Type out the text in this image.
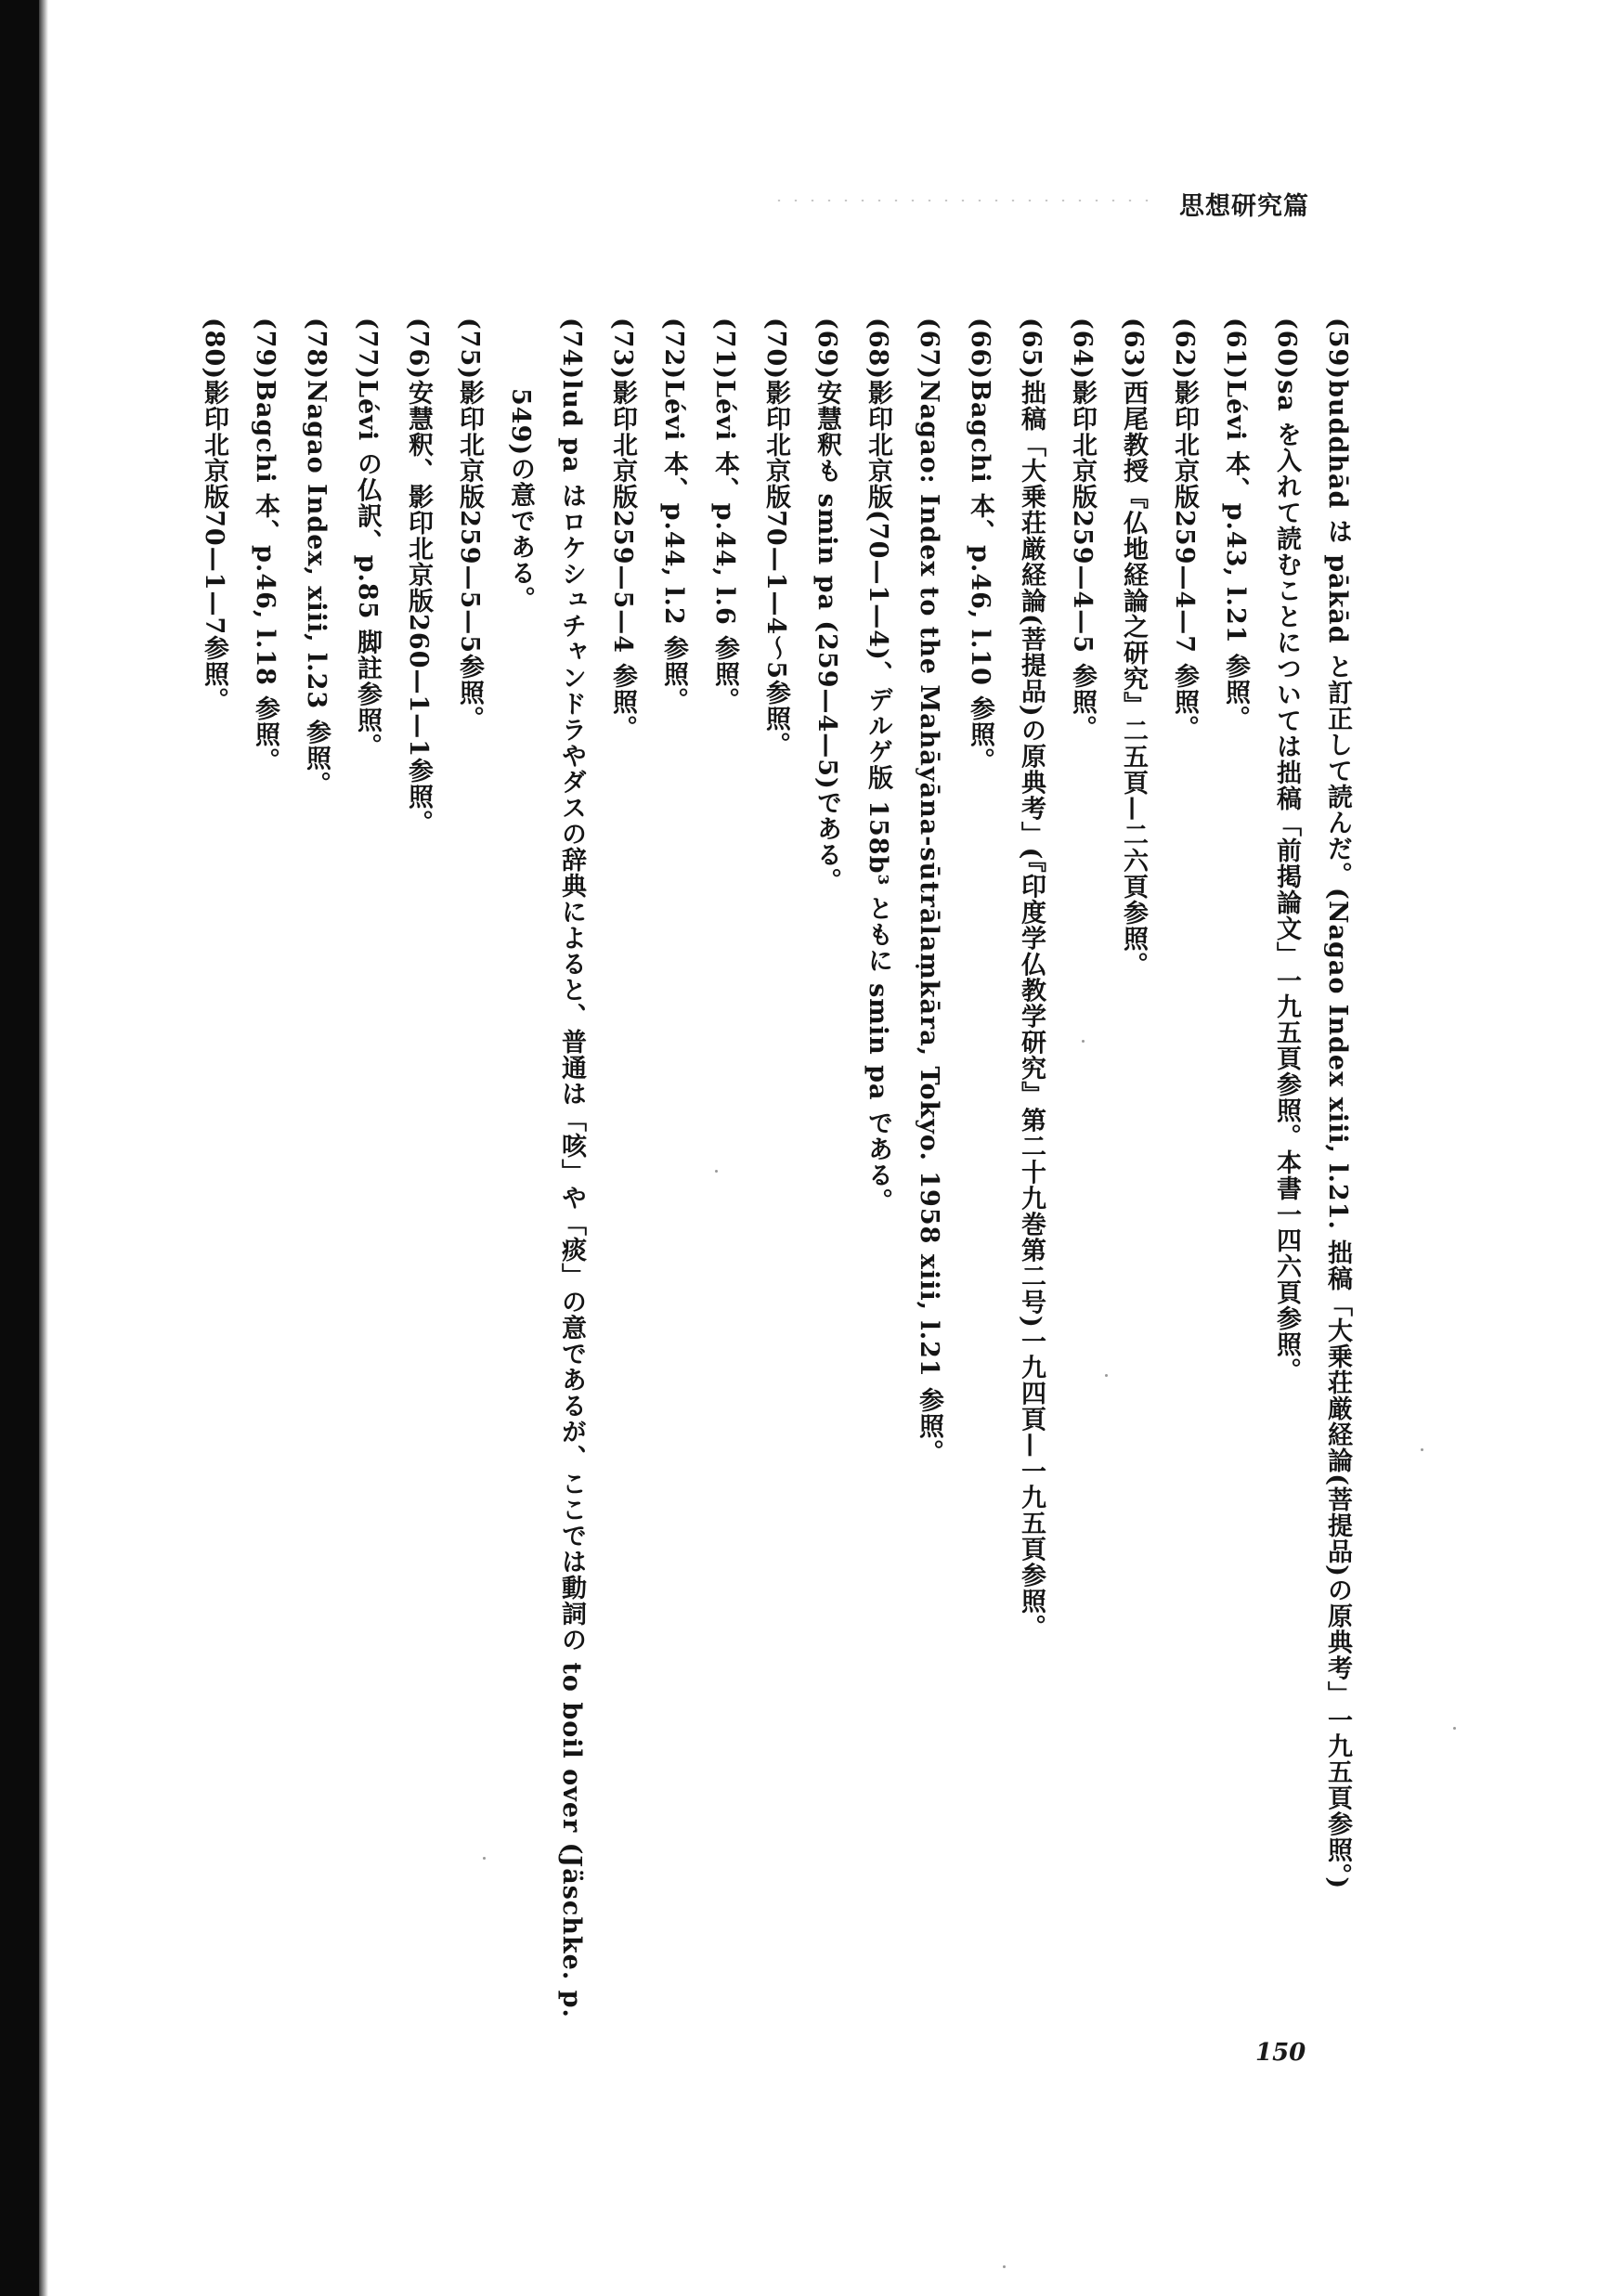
思想研究篇

(59)buddhād は pākād と訂正して読んだ。(Nagao Index xiii, l.21. 拙稿「大乗荘厳経論(菩提品)の原典考」一九五頁参照。)

(60)sa を入れて読むことについては拙稿「前掲論文」一九五頁参照。本書一四六頁参照。

(61)Lévi 本、p.43, l.21 参照。

(62)影印北京版259—4—7 参照。

(63)西尾教授『仏地経論之研究』二五頁—二六頁参照。

(64)影印北京版259—4—5 参照。

(65)拙稿「大乗荘厳経論(菩提品)の原典考」(『印度学仏教学研究』第二十九巻第二号)一九四頁—一九五頁参照。

(66)Bagchi 本、p.46, l.10 参照。

(67)Nagao: Index to the Mahāyāna-sūtrālaṃkāra, Tokyo. 1958 xiii, l.21 参照。

(68)影印北京版(70—1—4)、デルゲ版 158b³ ともに smin pa である。

(69)安慧釈も smin pa (259—4—5)である。

(70)影印北京版70—1—4～5参照。

(71)Lévi 本、p.44, l.6 参照。

(72)Lévi 本、p.44, l.2 参照。

(73)影印北京版259—5—4 参照。

(74)lud pa はロケシュチャンドラやダスの辞典によると、普通は「咳」や「痰」の意であるが、ここでは動詞の to boil over (Jäschke. p.

549)の意である。

(75)影印北京版259—5—5参照。

(76)安慧釈、影印北京版260—1—1参照。

(77)Lévi の仏訳、p.85 脚註参照。

(78)Nagao Index, xiii, l.23 参照。

(79)Bagchi 本、p.46, l.18 参照。

(80)影印北京版70—1—7参照。

150
